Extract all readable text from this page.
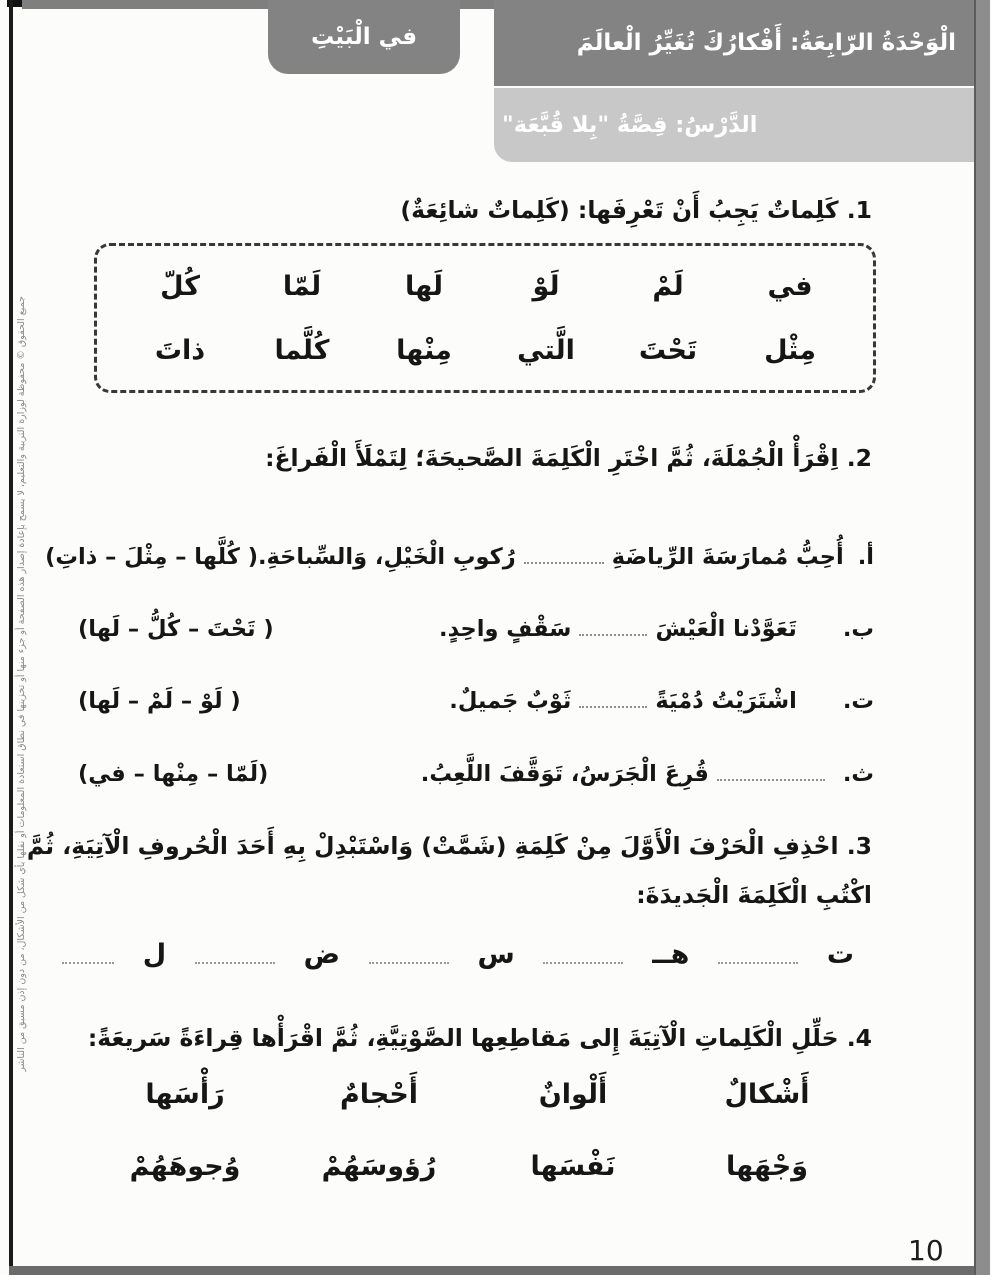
في الْبَيْتِ	الْوَحْدَةُ الرّابِعَةُ: أَفْكارُكَ تُغَيِّرُ الْعالَمَ
الدَّرْسُ: قِصَّةُ "بِلا قُبَّعَة"
1. كَلِماتٌ يَجِبُ أَنْ تَعْرِفَها: (كَلِماتٌ شائِعَةٌ)
في
لَمْ
لَوْ
لَها
لَمّا
كُلّ
مِثْل
تَحْتَ
الَّتي
مِنْها
كُلَّما
ذاتَ
2. اِقْرَأْ الْجُمْلَةَ، ثُمَّ اخْتَرِ الْكَلِمَةَ الصَّحيحَةَ؛ لِتَمْلَأَ الْفَراغَ:
أ.أُحِبُّ مُمارَسَةَ الرِّياضَةِرُكوبِ الْخَيْلِ، وَالسِّباحَةِ.
( كُلَّها – مِثْلَ – ذاتِ)
ب.تَعَوَّدْنا الْعَيْشَسَقْفٍ واحِدٍ.
( تَحْتَ – كُلُّ – لَها)
ت.اشْتَرَيْتُ دُمْيَةًثَوْبٌ جَميلٌ.
( لَوْ – لَمْ – لَها)
ث.قُرِعَ الْجَرَسُ، تَوَقَّفَ اللَّعِبُ.
(لَمّا – مِنْها – في)
3. احْذِفِ الْحَرْفَ الْأَوَّلَ مِنْ كَلِمَةِ (شَمَّتْ) وَاسْتَبْدِلْ بِهِ أَحَدَ الْحُروفِ الْآتِيَةِ، ثُمَّ
اكْتُبِ الْكَلِمَةَ الْجَديدَةَ:
ت
هــ
س
ض
ل
4. حَلِّلِ الْكَلِماتِ الْآتِيَةَ إِلى مَقاطِعِها الصَّوْتِيَّةِ، ثُمَّ اقْرَأْها قِراءَةً سَريعَةً:
أَشْكالٌ
أَلْوانٌ
أَحْجامٌ
رَأْسَها
وَجْهَها
نَفْسَها
رُؤوسَهُمْ
وُجوهَهُمْ
10
جميع الحقوق © محفوظة لوزارة التربية والتعليم، لا يسمح بإعادة إصدار هذه الصفحة أو جزء منها أو تخزينها في نطاق استعادة المعلومات أو نقلها بأي شكل من الأشكال، من دون إذن مسبق من الناشر
